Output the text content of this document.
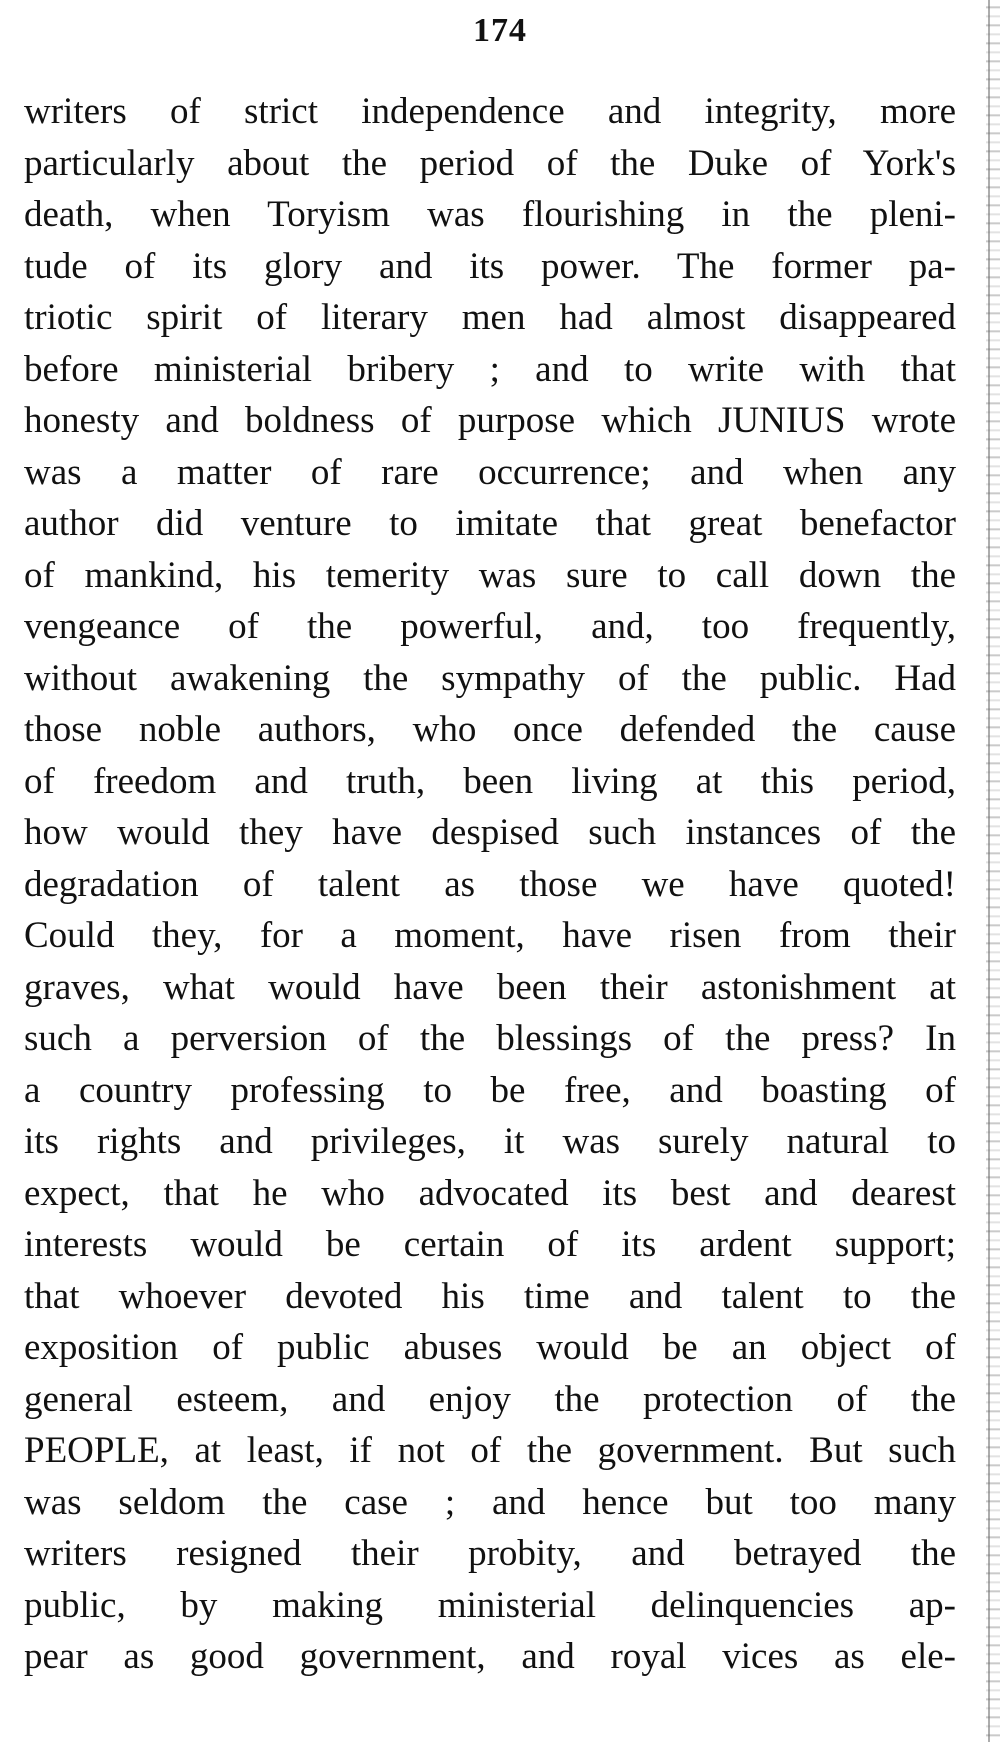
174
writers of strict independence and integrity, more
particularly about the period of the Duke of York's
death, when Toryism was flourishing in the pleni-
tude of its glory and its power. The former pa-
triotic spirit of literary men had almost disappeared
before ministerial bribery ; and to write with that
honesty and boldness of purpose which JUNIUS wrote
was a matter of rare occurrence; and when any
author did venture to imitate that great benefactor
of mankind, his temerity was sure to call down the
vengeance of the powerful, and, too frequently,
without awakening the sympathy of the public. Had
those noble authors, who once defended the cause
of freedom and truth, been living at this period,
how would they have despised such instances of the
degradation of talent as those we have quoted!
Could they, for a moment, have risen from their
graves, what would have been their astonishment at
such a perversion of the blessings of the press? In
a country professing to be free, and boasting of
its rights and privileges, it was surely natural to
expect, that he who advocated its best and dearest
interests would be certain of its ardent support;
that whoever devoted his time and talent to the
exposition of public abuses would be an object of
general esteem, and enjoy the protection of the
PEOPLE, at least, if not of the government. But such
was seldom the case ; and hence but too many
writers resigned their probity, and betrayed the
public, by making ministerial delinquencies ap-
pear as good government, and royal vices as ele-
